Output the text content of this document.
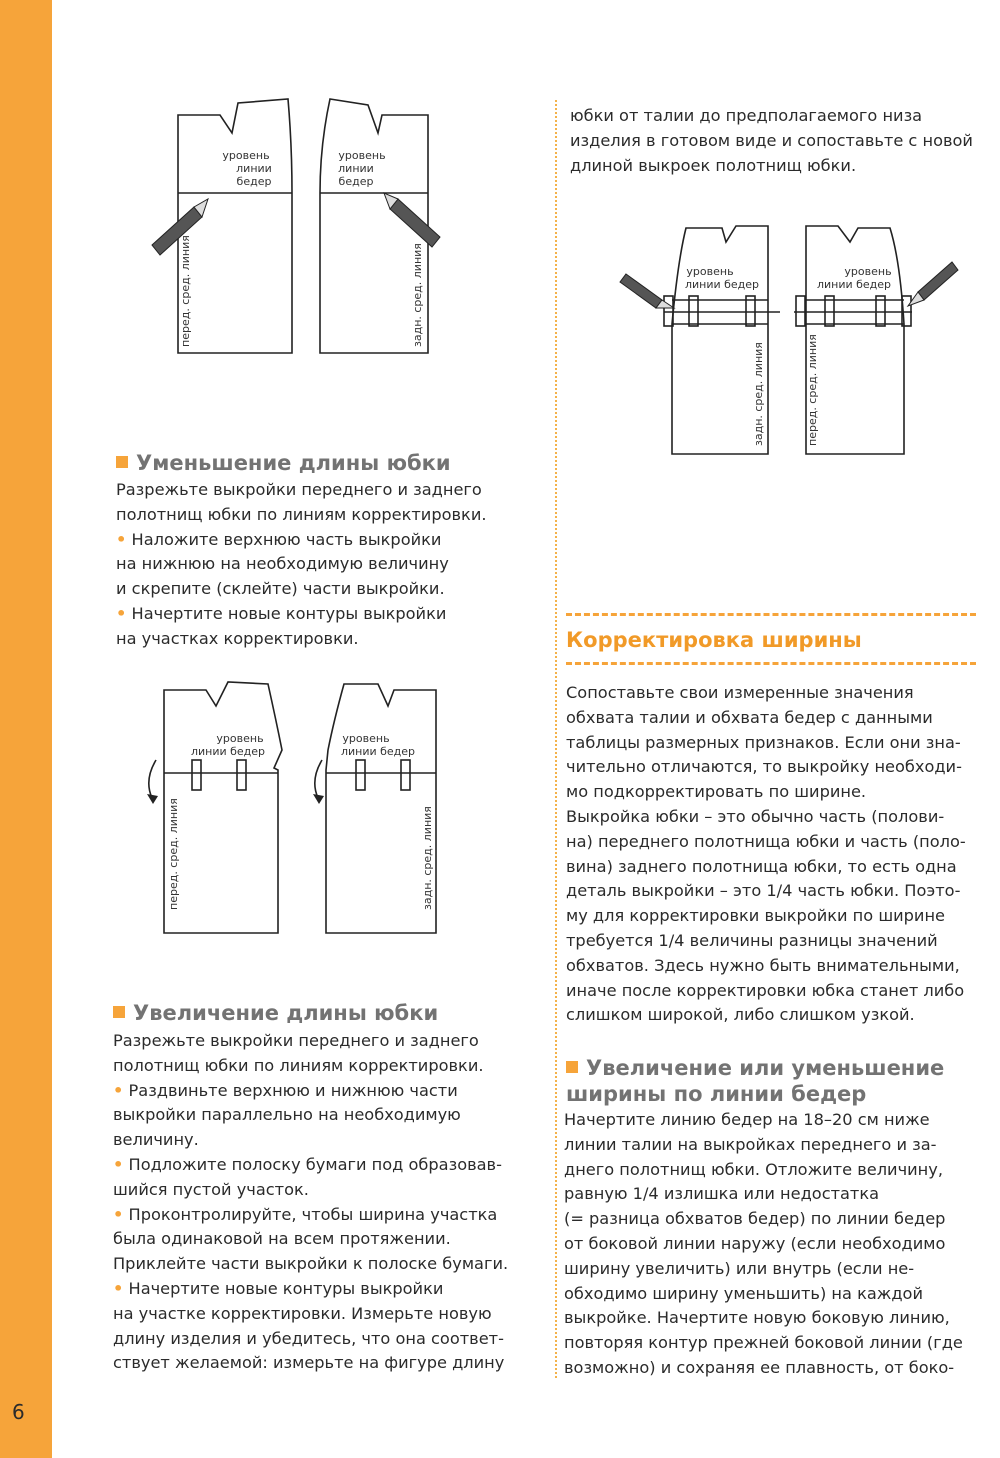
6
уровень
линии
бедер
уровень
линии
бедер
перед. сред. линия	задн. сред. линия
уровень
линии бедер
уровень
линии бедер
перед. сред. линия	задн. сред. линия
уровень
линии бедер
уровень
линии бедер
задн. сред. линия	перед. сред. линия
Уменьшение длины юбки

Разрежьте выкройки переднего и заднего

полотнищ юбки по линиям корректировки.

• Наложите верхнюю часть выкройки

на нижнюю на необходимую величину

и скрепите (склейте) части выкройки.

• Начертите новые контуры выкройки

на участках корректировки.

Увеличение длины юбки

Разрежьте выкройки переднего и заднего

полотнищ юбки по линиям корректировки.

• Раздвиньте верхнюю и нижнюю части

выкройки параллельно на необходимую

величину.

• Подложите полоску бумаги под образовав-

шийся пустой участок.

• Проконтролируйте, чтобы ширина участка

была одинаковой на всем протяжении.

Приклейте части выкройки к полоске бумаги.

• Начертите новые контуры выкройки

на участке корректировки. Измерьте новую

длину изделия и убедитесь, что она соответ-

ствует желаемой: измерьте на фигуре длину

юбки от талии до предполагаемого низа

изделия в готовом виде и сопоставьте с новой

длиной выкроек полотнищ юбки.

Корректировка ширины

Сопоставьте свои измеренные значения

обхвата талии и обхвата бедер с данными

таблицы размерных признаков. Если они зна-

чительно отличаются, то выкройку необходи-

мо подкорректировать по ширине.

Выкройка юбки – это обычно часть (полови-

на) переднего полотнища юбки и часть (поло-

вина) заднего полотнища юбки, то есть одна

деталь выкройки – это 1/4 часть юбки. Поэто-

му для корректировки выкройки по ширине

требуется 1/4 величины разницы значений

обхватов. Здесь нужно быть внимательными,

иначе после корректировки юбка станет либо

слишком широкой, либо слишком узкой.

Увеличение или уменьшение
ширины по линии бедер

Начертите линию бедер на 18–20 см ниже

линии талии на выкройках переднего и за-

днего полотнищ юбки. Отложите величину,

равную 1/4 излишка или недостатка

(= разница обхватов бедер) по линии бедер

от боковой линии наружу (если необходимо

ширину увеличить) или внутрь (если не-

обходимо ширину уменьшить) на каждой

выкройке. Начертите новую боковую линию,

повторяя контур прежней боковой линии (где

возможно) и сохраняя ее плавность, от боко-
